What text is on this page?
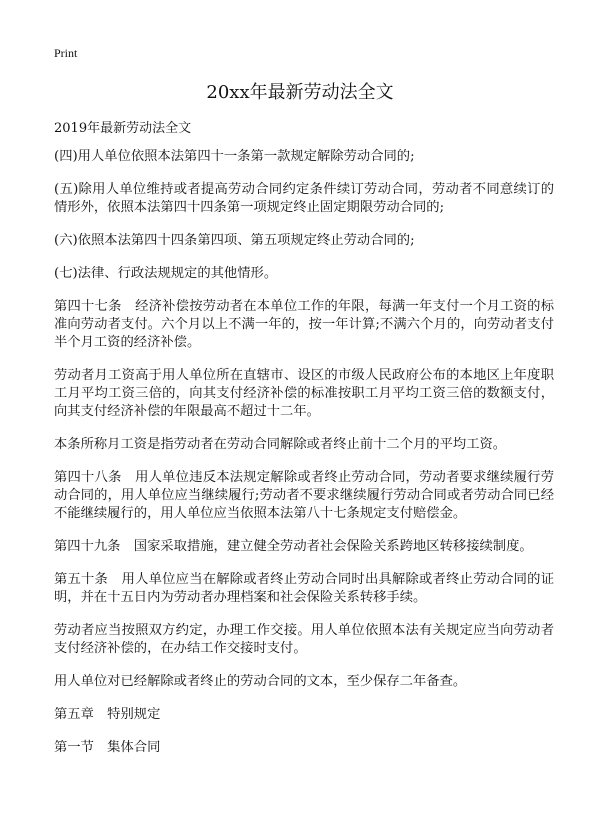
Print
20xx年最新劳动法全文
2019年最新劳动法全文

(四)用人单位依照本法第四十一条第一款规定解除劳动合同的;

(五)除用人单位维持或者提高劳动合同约定条件续订劳动合同，劳动者不同意续订的情形外，依照本法第四十四条第一项规定终止固定期限劳动合同的;

(六)依照本法第四十四条第四项、第五项规定终止劳动合同的;

(七)法律、行政法规规定的其他情形。

第四十七条　经济补偿按劳动者在本单位工作的年限，每满一年支付一个月工资的标准向劳动者支付。六个月以上不满一年的，按一年计算;不满六个月的，向劳动者支付半个月工资的经济补偿。

劳动者月工资高于用人单位所在直辖市、设区的市级人民政府公布的本地区上年度职工月平均工资三倍的，向其支付经济补偿的标准按职工月平均工资三倍的数额支付，向其支付经济补偿的年限最高不超过十二年。

本条所称月工资是指劳动者在劳动合同解除或者终止前十二个月的平均工资。

第四十八条　用人单位违反本法规定解除或者终止劳动合同，劳动者要求继续履行劳动合同的，用人单位应当继续履行;劳动者不要求继续履行劳动合同或者劳动合同已经不能继续履行的，用人单位应当依照本法第八十七条规定支付赔偿金。

第四十九条　国家采取措施，建立健全劳动者社会保险关系跨地区转移接续制度。

第五十条　用人单位应当在解除或者终止劳动合同时出具解除或者终止劳动合同的证明，并在十五日内为劳动者办理档案和社会保险关系转移手续。

劳动者应当按照双方约定，办理工作交接。用人单位依照本法有关规定应当向劳动者支付经济补偿的，在办结工作交接时支付。

用人单位对已经解除或者终止的劳动合同的文本，至少保存二年备查。

第五章　特别规定

第一节　集体合同
